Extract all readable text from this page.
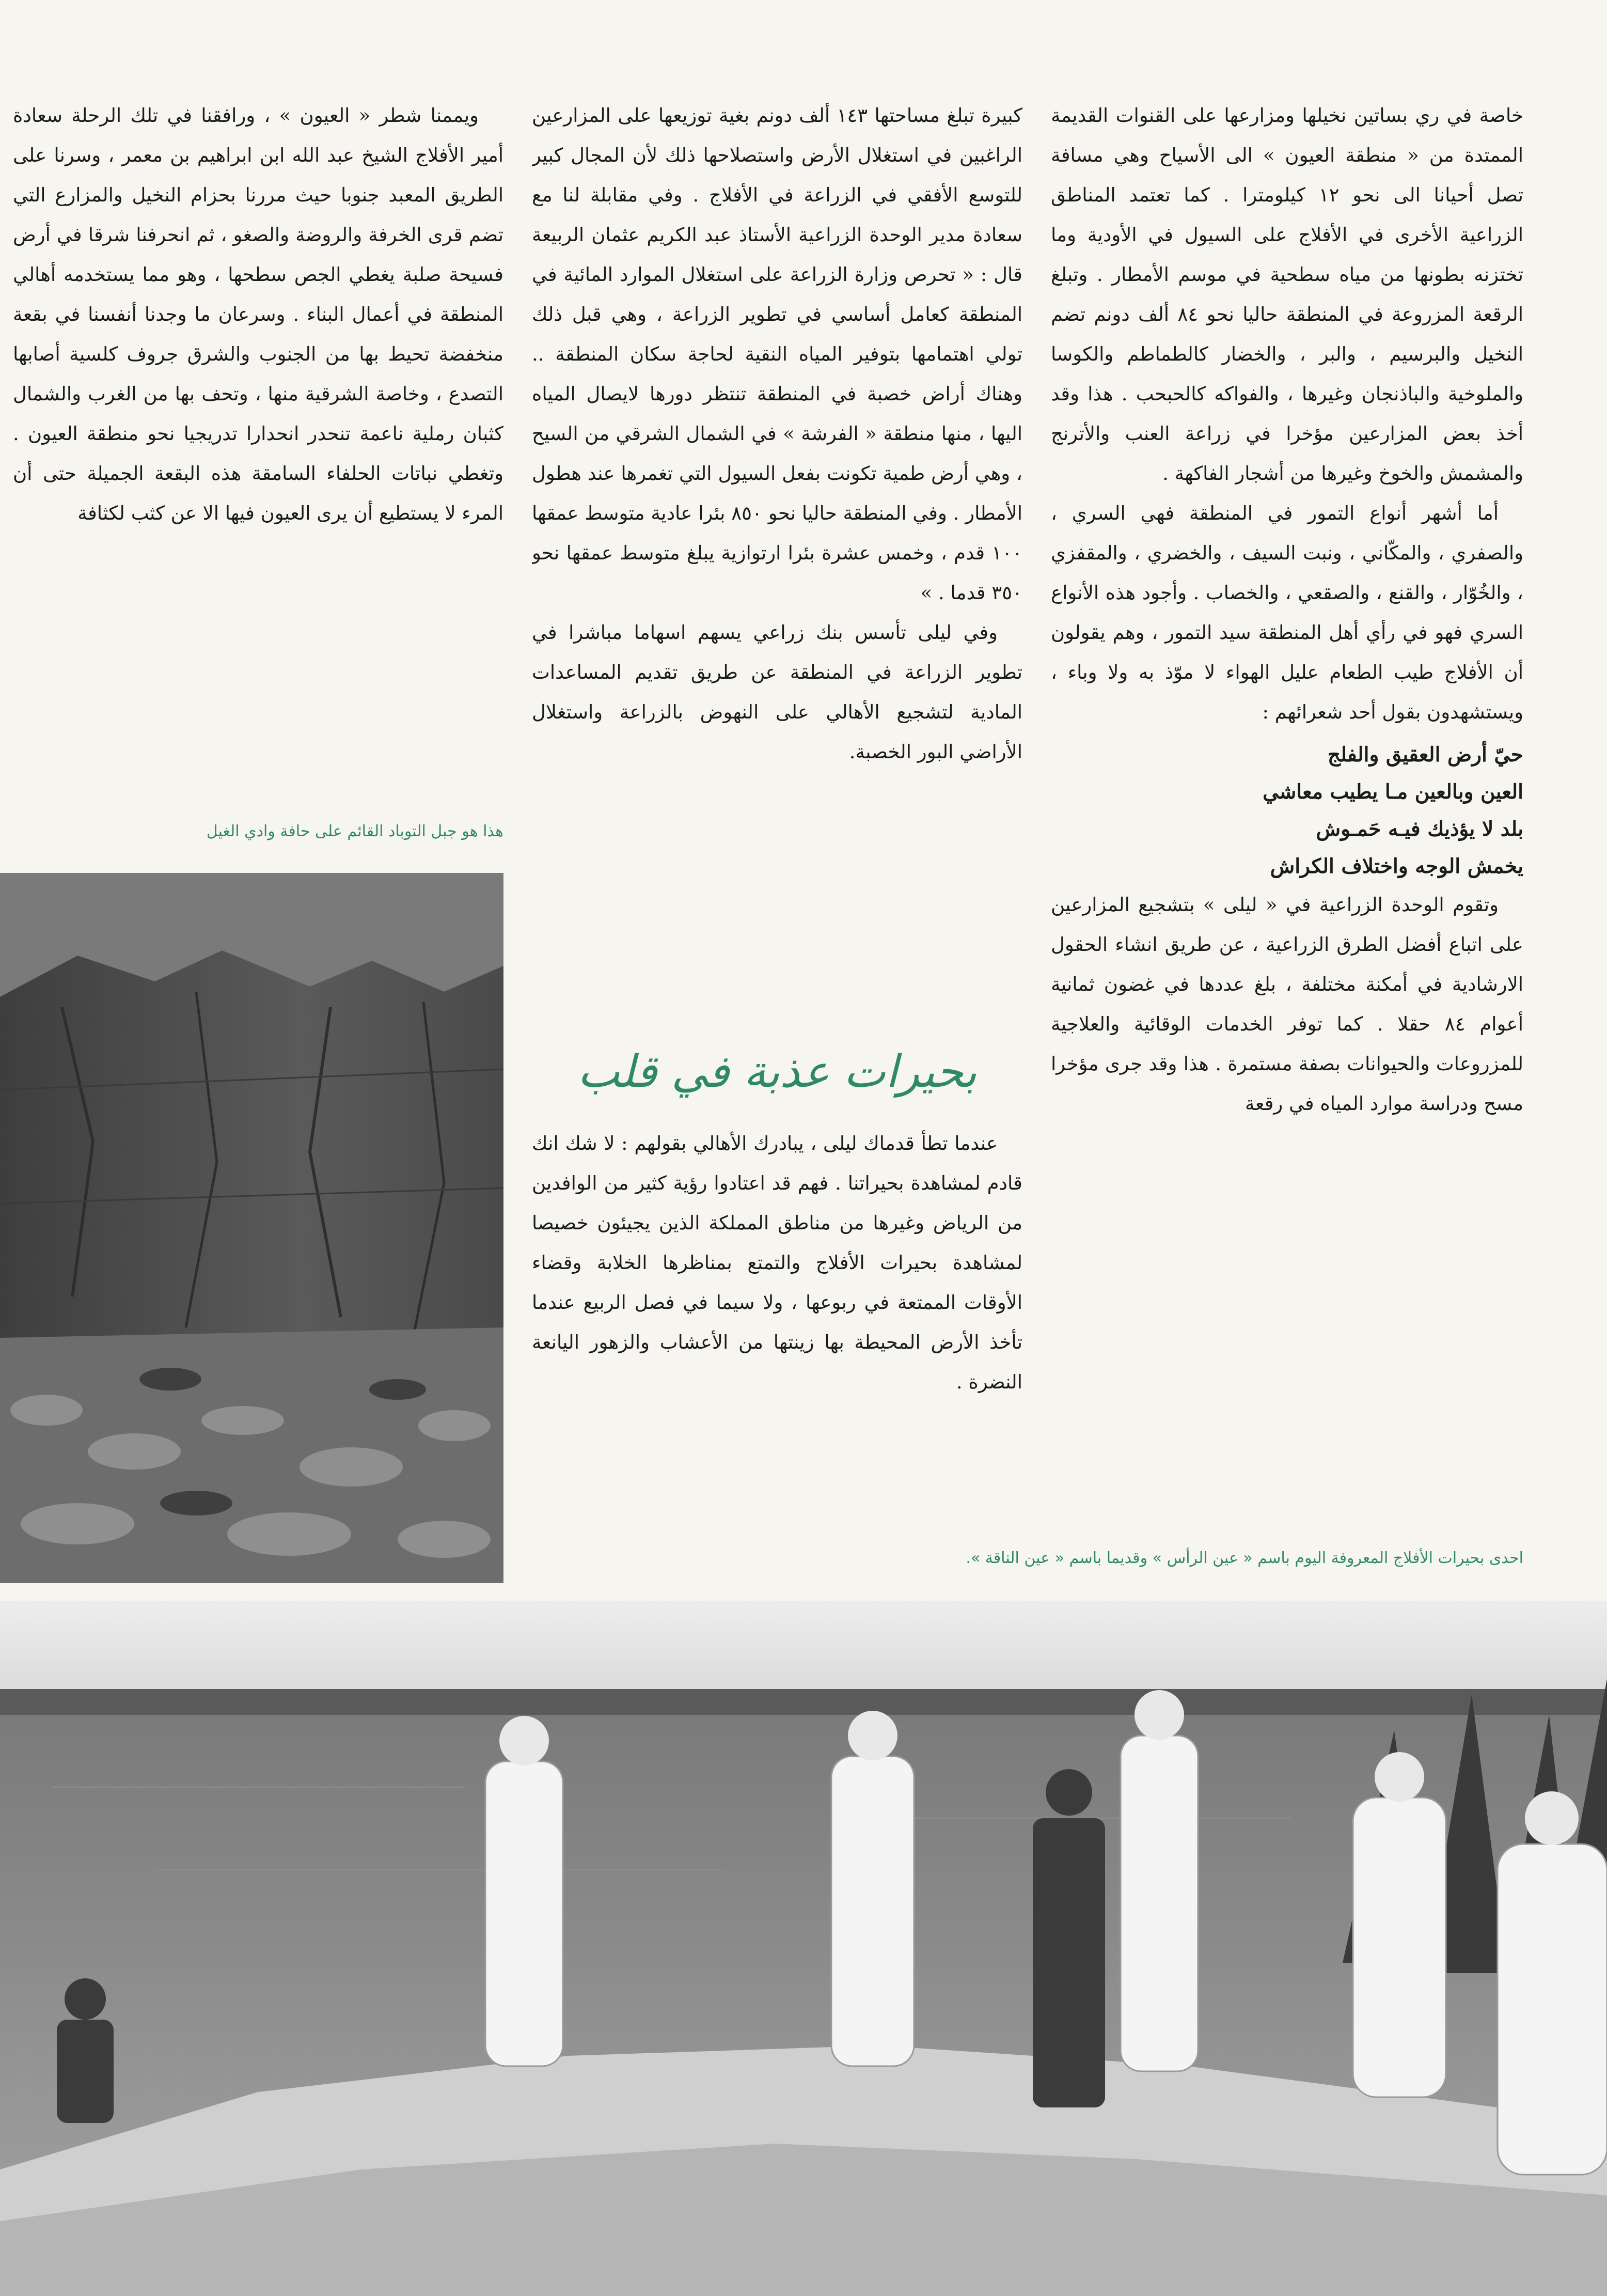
خاصة في ري بساتين نخيلها ومزارعها على القنوات القديمة الممتدة من « منطقة العيون » الى الأسياح وهي مسافة تصل أحيانا الى نحو ١٢ كيلومترا . كما تعتمد المناطق الزراعية الأخرى في الأفلاج على السيول في الأودية وما تختزنه بطونها من مياه سطحية في موسم الأمطار . وتبلغ الرقعة المزروعة في المنطقة حاليا نحو ٨٤ ألف دونم تضم النخيل والبرسيم ، والبر ، والخضار كالطماطم والكوسا والملوخية والباذنجان وغيرها ، والفواكه كالحبحب . هذا وقد أخذ بعض المزارعين مؤخرا في زراعة العنب والأترنج والمشمش والخوخ وغيرها من أشجار الفاكهة .

أما أشهر أنواع التمور في المنطقة فهي السري ، والصفري ، والمكّاني ، ونبت السيف ، والخضري ، والمقفزي ، والخُوّار ، والقنع ، والصقعي ، والخصاب . وأجود هذه الأنواع السري فهو في رأي أهل المنطقة سيد التمور ، وهم يقولون أن الأفلاج طيب الطعام عليل الهواء لا موّذ به ولا وباء ، ويستشهدون بقول أحد شعرائهم :

حيّ أرض العقيق والفلج

العين وبالعين مـا يطيب معاشي

بلد لا يؤذيك فيـه حَمـوش

يخمش الوجه واختلاف الكراش

وتقوم الوحدة الزراعية في « ليلى » بتشجيع المزارعين على اتباع أفضل الطرق الزراعية ، عن طريق انشاء الحقول الارشادية في أمكنة مختلفة ، بلغ عددها في غضون ثمانية أعوام ٨٤ حقلا . كما توفر الخدمات الوقائية والعلاجية للمزروعات والحيوانات بصفة مستمرة . هذا وقد جرى مؤخرا مسح ودراسة موارد المياه في رقعة

كبيرة تبلغ مساحتها ١٤٣ ألف دونم بغية توزيعها على المزارعين الراغبين في استغلال الأرض واستصلاحها ذلك لأن المجال كبير للتوسع الأفقي في الزراعة في الأفلاج . وفي مقابلة لنا مع سعادة مدير الوحدة الزراعية الأستاذ عبد الكريم عثمان الربيعة قال : « تحرص وزارة الزراعة على استغلال الموارد المائية في المنطقة كعامل أساسي في تطوير الزراعة ، وهي قبل ذلك تولي اهتمامها بتوفير المياه النقية لحاجة سكان المنطقة .. وهناك أراض خصبة في المنطقة تنتظر دورها لايصال المياه اليها ، منها منطقة « الفرشة » في الشمال الشرقي من السيح ، وهي أرض طمية تكونت بفعل السيول التي تغمرها عند هطول الأمطار . وفي المنطقة حاليا نحو ٨٥٠ بئرا عادية متوسط عمقها ١٠٠ قدم ، وخمس عشرة بئرا ارتوازية يبلغ متوسط عمقها نحو ٣٥٠ قدما . »

وفي ليلى تأسس بنك زراعي يسهم اسهاما مباشرا في تطوير الزراعة في المنطقة عن طريق تقديم المساعدات المادية لتشجيع الأهالي على النهوض بالزراعة واستغلال الأراضي البور الخصبة.

بحيرات عذبة في قلب

عندما تطأ قدماك ليلى ، يبادرك الأهالي بقولهم : لا شك انك قادم لمشاهدة بحيراتنا . فهم قد اعتادوا رؤية كثير من الوافدين من الرياض وغيرها من مناطق المملكة الذين يجيئون خصيصا لمشاهدة بحيرات الأفلاج والتمتع بمناظرها الخلابة وقضاء الأوقات الممتعة في ربوعها ، ولا سيما في فصل الربيع عندما تأخذ الأرض المحيطة بها زينتها من الأعشاب والزهور اليانعة النضرة .

ويممنا شطر « العيون » ، ورافقنا في تلك الرحلة سعادة أمير الأفلاج الشيخ عبد الله ابن ابراهيم بن معمر ، وسرنا على الطريق المعبد جنوبا حيث مررنا بحزام النخيل والمزارع التي تضم قرى الخرفة والروضة والصغو ، ثم انحرفنا شرقا في أرض فسيحة صلبة يغطي الجص سطحها ، وهو مما يستخدمه أهالي المنطقة في أعمال البناء . وسرعان ما وجدنا أنفسنا في بقعة منخفضة تحيط بها من الجنوب والشرق جروف كلسية أصابها التصدع ، وخاصة الشرقية منها ، وتحف بها من الغرب والشمال كثبان رملية ناعمة تنحدر انحدارا تدريجيا نحو منطقة العيون . وتغطي نباتات الحلفاء السامقة هذه البقعة الجميلة حتى أن المرء لا يستطيع أن يرى العيون فيها الا عن كثب لكثافة

هذا هو جبل التوباد القائم على حافة وادي الغيل
احدى بحيرات الأفلاج المعروفة اليوم باسم « عين الرأس » وقديما باسم « عين الناقة ».
